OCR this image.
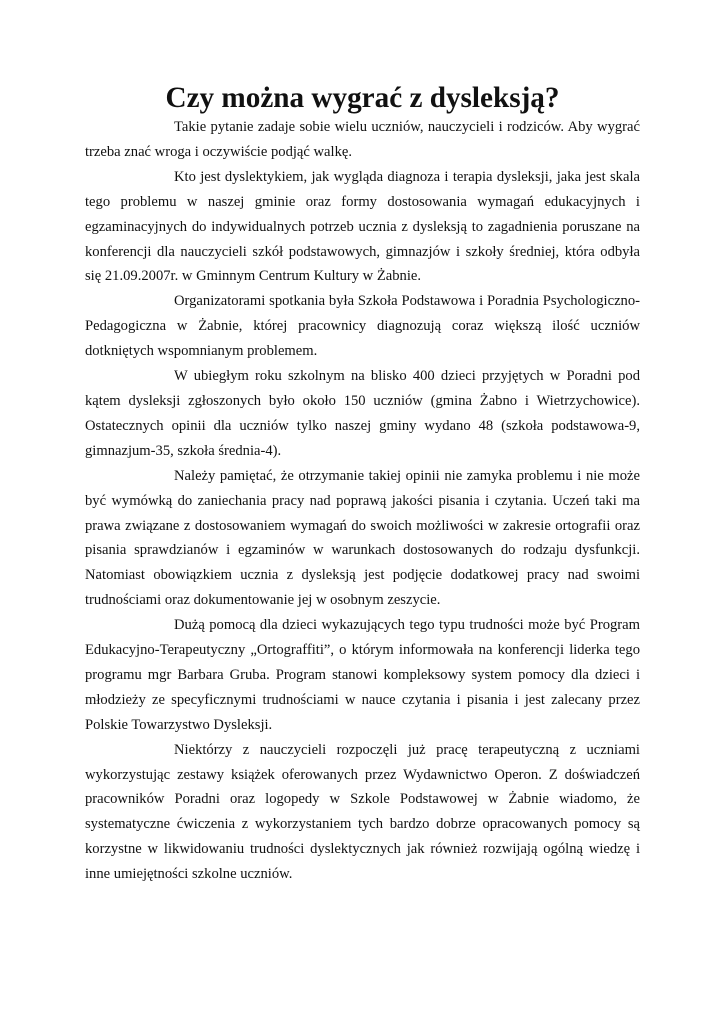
Czy można wygrać z dysleksją?

Takie pytanie zadaje sobie wielu uczniów, nauczycieli i rodziców. Aby wygrać trzeba znać wroga i oczywiście podjąć walkę.

Kto jest dyslektykiem, jak wygląda diagnoza i terapia dysleksji, jaka jest skala tego problemu w naszej gminie oraz formy dostosowania wymagań edukacyjnych i egzaminacyjnych do indywidualnych potrzeb ucznia z dysleksją to zagadnienia poruszane na konferencji dla nauczycieli szkół podstawowych, gimnazjów i szkoły średniej, która odbyła się 21.09.2007r. w Gminnym Centrum Kultury w Żabnie.

Organizatorami spotkania była Szkoła Podstawowa i Poradnia Psychologiczno-Pedagogiczna w Żabnie, której pracownicy diagnozują coraz większą ilość uczniów dotkniętych wspomnianym problemem.

W ubiegłym roku szkolnym na blisko 400 dzieci przyjętych w Poradni pod kątem dysleksji zgłoszonych było około 150 uczniów (gmina Żabno i Wietrzychowice). Ostatecznych opinii dla uczniów tylko naszej gminy wydano 48 (szkoła podstawowa-9, gimnazjum-35, szkoła średnia-4).

Należy pamiętać, że otrzymanie takiej opinii nie zamyka problemu i nie może być wymówką do zaniechania pracy nad poprawą jakości pisania i czytania. Uczeń taki ma prawa związane z dostosowaniem wymagań do swoich możliwości w zakresie ortografii oraz pisania sprawdzianów i egzaminów w warunkach dostosowanych do rodzaju dysfunkcji. Natomiast obowiązkiem ucznia z dysleksją jest podjęcie dodatkowej pracy nad swoimi trudnościami oraz dokumentowanie jej w osobnym zeszycie.

Dużą pomocą dla dzieci wykazujących tego typu trudności może być Program Edukacyjno-Terapeutyczny „Ortograffiti”, o którym informowała na konferencji liderka tego programu mgr Barbara Gruba. Program stanowi kompleksowy system pomocy dla dzieci i młodzieży ze specyficznymi trudnościami w nauce czytania i pisania i jest zalecany przez Polskie Towarzystwo Dysleksji.

Niektórzy z nauczycieli rozpoczęli już pracę terapeutyczną z uczniami wykorzystując zestawy książek oferowanych przez Wydawnictwo Operon. Z doświadczeń pracowników Poradni oraz logopedy w Szkole Podstawowej w Żabnie wiadomo, że systematyczne ćwiczenia z wykorzystaniem tych bardzo dobrze opracowanych pomocy są korzystne w likwidowaniu trudności dyslektycznych jak również rozwijają ogólną wiedzę i inne umiejętności szkolne uczniów.
